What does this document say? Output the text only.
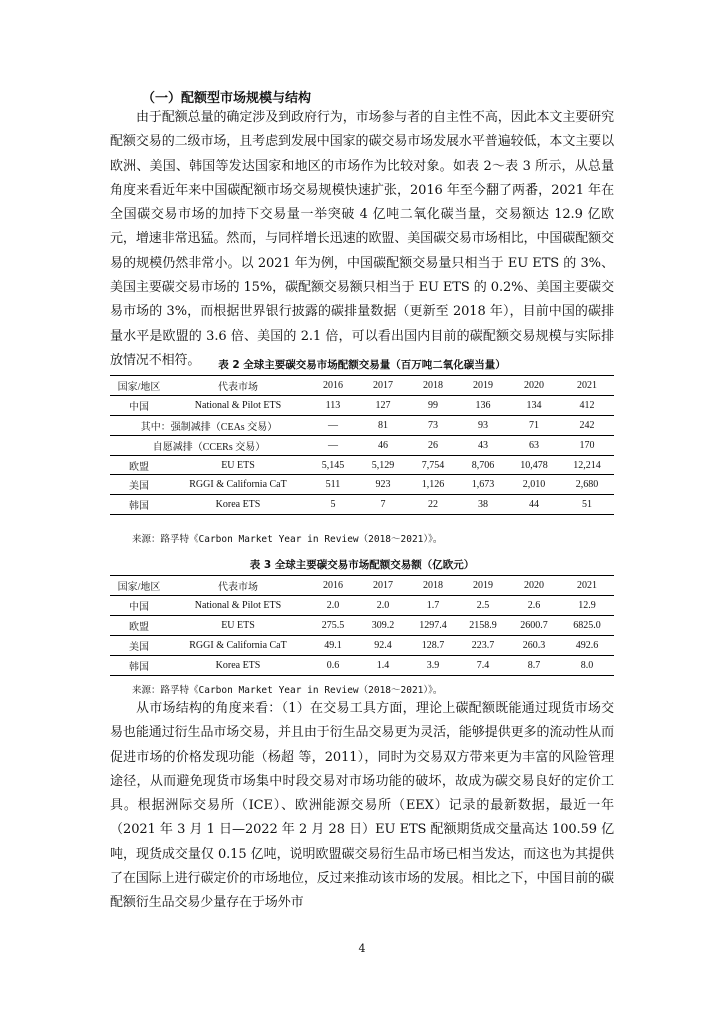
（一）配额型市场规模与结构

由于配额总量的确定涉及到政府行为，市场参与者的自主性不高，因此本文主要研究配额交易的二级市场，且考虑到发展中国家的碳交易市场发展水平普遍较低，本文主要以欧洲、美国、韩国等发达国家和地区的市场作为比较对象。如表 2～表 3 所示，从总量角度来看近年来中国碳配额市场交易规模快速扩张，2016 年至今翻了两番，2021 年在全国碳交易市场的加持下交易量一举突破 4 亿吨二氧化碳当量，交易额达 12.9 亿欧元，增速非常迅猛。然而，与同样增长迅速的欧盟、美国碳交易市场相比，中国碳配额交易的规模仍然非常小。以 2021 年为例，中国碳配额交易量只相当于 EU ETS 的 3%、美国主要碳交易市场的 15%，碳配额交易额只相当于 EU ETS 的 0.2%、美国主要碳交易市场的 3%，而根据世界银行披露的碳排量数据（更新至 2018 年），目前中国的碳排量水平是欧盟的 3.6 倍、美国的 2.1 倍，可以看出国内目前的碳配额交易规模与实际排放情况不相符。	表 2 全球主要碳交易市场配额交易量（百万吨二氧化碳当量）
国家/地区	代表市场	2016	2017	2018	2019	2020	2021
中国	National & Pilot ETS	113	127	99	136	134	412
其中：强制减排（CEAs 交易）		—	81	73	93	71	242
自愿减排（CCERs 交易）		—	46	26	43	63	170
欧盟	EU ETS	5,145	5,129	7,754	8,706	10,478	12,214
美国	RGGI & California CaT	511	923	1,126	1,673	2,010	2,680
韩国	Korea ETS	5	7	22	38	44	51
来源：路孚特《Carbon Market Year in Review（2018～2021）》。
表 3 全球主要碳交易市场配额交易额（亿欧元）
国家/地区	代表市场	2016	2017	2018	2019	2020	2021
中国	National & Pilot ETS	2.0	2.0	1.7	2.5	2.6	12.9
欧盟	EU ETS	275.5	309.2	1297.4	2158.9	2600.7	6825.0
美国	RGGI & California CaT	49.1	92.4	128.7	223.7	260.3	492.6
韩国	Korea ETS	0.6	1.4	3.9	7.4	8.7	8.0
来源：路孚特《Carbon Market Year in Review（2018～2021）》。

从市场结构的角度来看：（1）在交易工具方面，理论上碳配额既能通过现货市场交易也能通过衍生品市场交易，并且由于衍生品交易更为灵活，能够提供更多的流动性从而促进市场的价格发现功能（杨超 等，2011），同时为交易双方带来更为丰富的风险管理途径，从而避免现货市场集中时段交易对市场功能的破坏，故成为碳交易良好的定价工具。根据洲际交易所（ICE）、欧洲能源交易所（EEX）记录的最新数据，最近一年（2021 年 3 月 1 日—2022 年 2 月 28 日）EU ETS 配额期货成交量高达 100.59 亿吨，现货成交量仅 0.15 亿吨，说明欧盟碳交易衍生品市场已相当发达，而这也为其提供了在国际上进行碳定价的市场地位，反过来推动该市场的发展。相比之下，中国目前的碳配额衍生品交易少量存在于场外市

4
